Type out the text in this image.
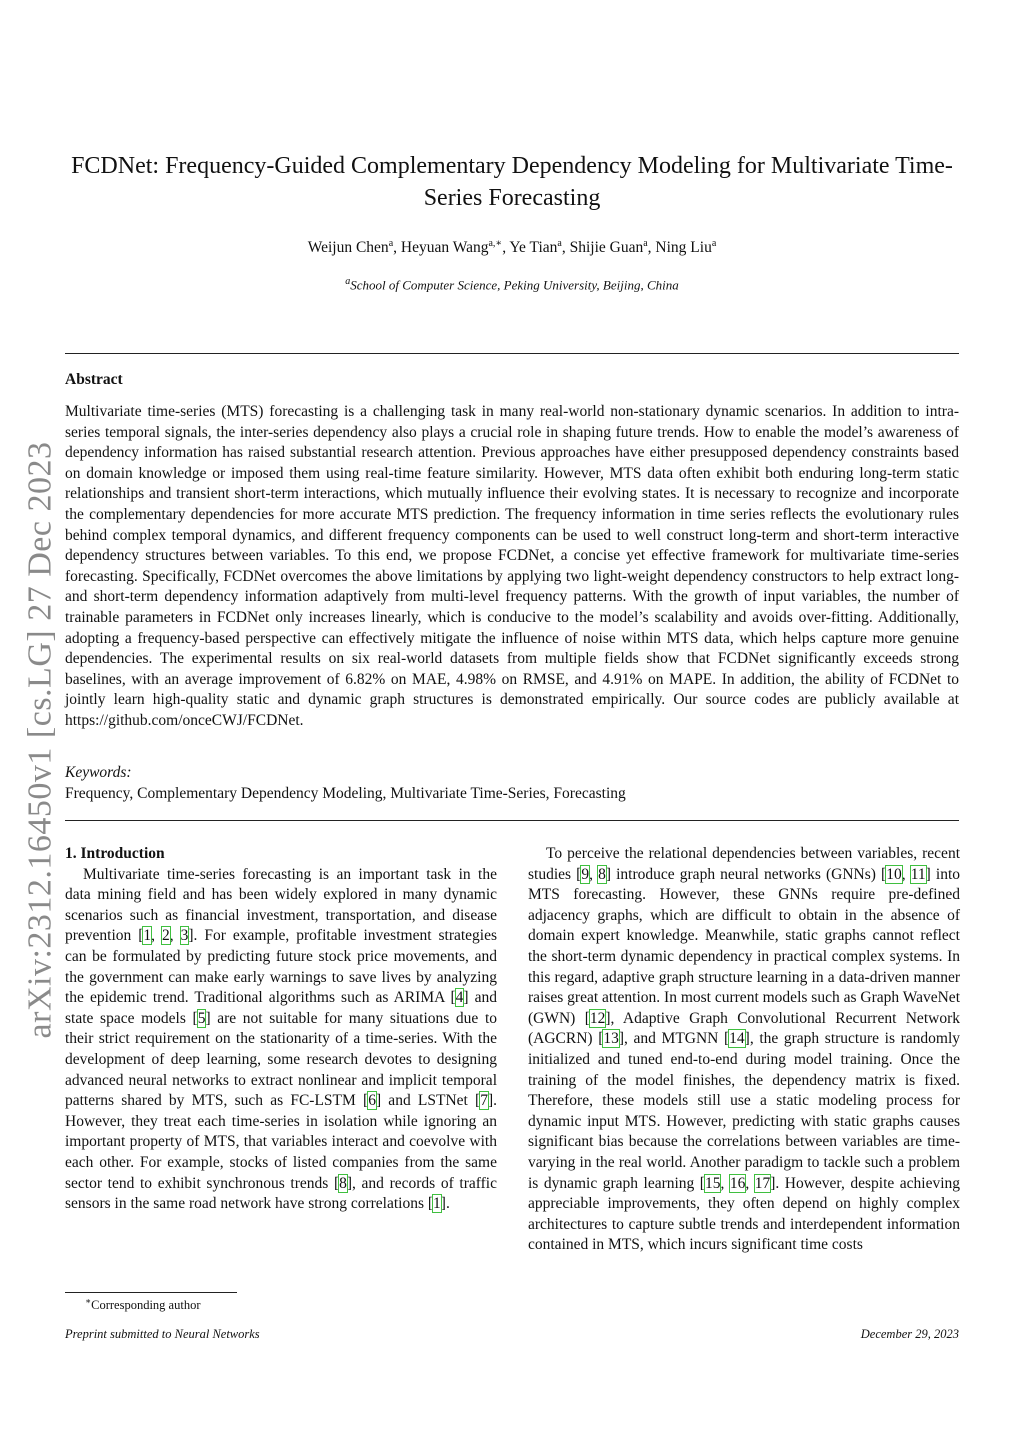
arXiv:2312.16450v1 [cs.LG] 27 Dec 2023
FCDNet: Frequency-Guided Complementary Dependency Modeling for Multivariate Time-Series Forecasting
Weijun Chen$^a$, Heyuan Wang$^{a,∗}$, Ye Tian$^a$, Shijie Guan$^a$, Ning Liu$^a$
$^a$School of Computer Science, Peking University, Beijing, China
Abstract
Multivariate time-series (MTS) forecasting is a challenging task in many real-world non-stationary dynamic scenarios. In addition to intra-series temporal signals, the inter-series dependency also plays a crucial role in shaping future trends. How to enable the model’s awareness of dependency information has raised substantial research attention. Previous approaches have either presupposed dependency constraints based on domain knowledge or imposed them using real-time feature similarity. However, MTS data often exhibit both enduring long-term static relationships and transient short-term interactions, which mutually influence their evolving states. It is necessary to recognize and incorporate the complementary dependencies for more accurate MTS prediction. The frequency information in time series reflects the evolutionary rules behind complex temporal dynamics, and different frequency components can be used to well construct long-term and short-term interactive dependency structures between variables. To this end, we propose FCDNet, a concise yet effective framework for multivariate time-series forecasting. Specifically, FCDNet overcomes the above limitations by applying two light-weight dependency constructors to help extract long- and short-term dependency information adaptively from multi-level frequency patterns. With the growth of input variables, the number of trainable parameters in FCDNet only increases linearly, which is conducive to the model’s scalability and avoids over-fitting. Additionally, adopting a frequency-based perspective can effectively mitigate the influence of noise within MTS data, which helps capture more genuine dependencies. The experimental results on six real-world datasets from multiple fields show that FCDNet significantly exceeds strong baselines, with an average improvement of 6.82% on MAE, 4.98% on RMSE, and 4.91% on MAPE. In addition, the ability of FCDNet to jointly learn high-quality static and dynamic graph structures is demonstrated empirically. Our source codes are publicly available at https://github.com/onceCWJ/FCDNet.
Keywords:
Frequency, Complementary Dependency Modeling, Multivariate Time-Series, Forecasting

1. Introduction

Multivariate time-series forecasting is an important task in the data mining field and has been widely explored in many dynamic scenarios such as financial investment, transportation, and disease prevention [1, 2, 3]. For example, profitable investment strategies can be formulated by predicting future stock price movements, and the government can make early warnings to save lives by analyzing the epidemic trend. Traditional algorithms such as ARIMA [4] and state space models [5] are not suitable for many situations due to their strict requirement on the stationarity of a time-series. With the development of deep learning, some research devotes to designing advanced neural networks to extract nonlinear and implicit temporal patterns shared by MTS, such as FC-LSTM [6] and LSTNet [7]. However, they treat each time-series in isolation while ignoring an important property of MTS, that variables interact and coevolve with each other. For example, stocks of listed companies from the same sector tend to exhibit synchronous trends [8], and records of traffic sensors in the same road network have strong correlations [1].

To perceive the relational dependencies between variables, recent studies [9, 8] introduce graph neural networks (GNNs) [10, 11] into MTS forecasting. However, these GNNs require pre-defined adjacency graphs, which are difficult to obtain in the absence of domain expert knowledge. Meanwhile, static graphs cannot reflect the short-term dynamic dependency in practical complex systems. In this regard, adaptive graph structure learning in a data-driven manner raises great attention. In most current models such as Graph WaveNet (GWN) [12], Adaptive Graph Convolutional Recurrent Network (AGCRN) [13], and MTGNN [14], the graph structure is randomly initialized and tuned end-to-end during model training. Once the training of the model finishes, the dependency matrix is fixed. Therefore, these models still use a static modeling process for dynamic input MTS. However, predicting with static graphs causes significant bias because the correlations between variables are time-varying in the real world. Another paradigm to tackle such a problem is dynamic graph learning [15, 16, 17]. However, despite achieving appreciable improvements, they often depend on highly complex architectures to capture subtle trends and interdependent information contained in MTS, which incurs significant time costs

∗Corresponding author
Preprint submitted to Neural Networks	December 29, 2023
